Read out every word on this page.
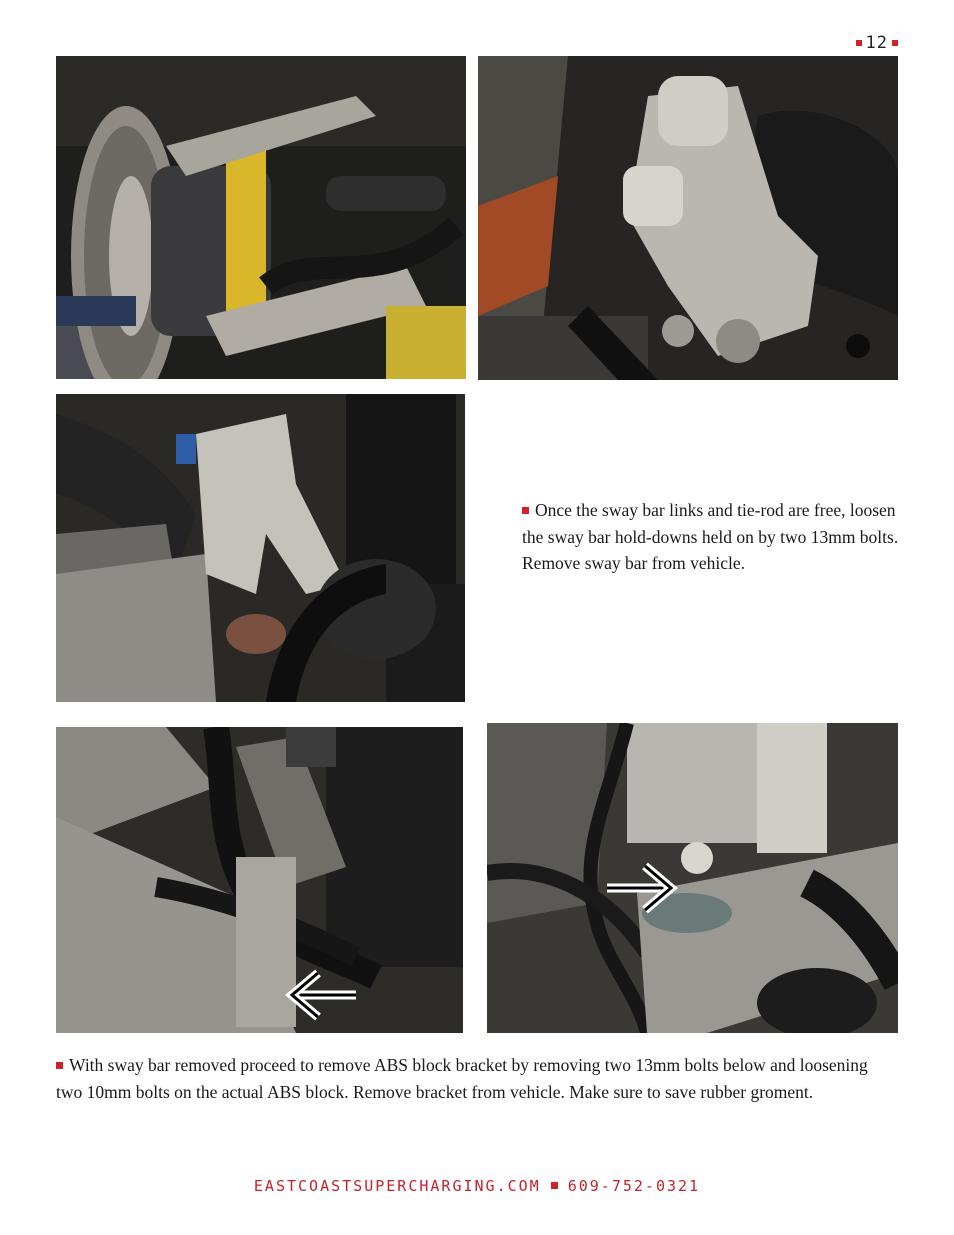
12
Once the sway bar links and tie-rod are free, loosen the sway bar hold-downs held on by two 13mm bolts. Remove sway bar from vehicle.
With sway bar removed proceed to remove ABS block bracket by removing two 13mm bolts below and loosening two 10mm bolts on the actual ABS block. Remove bracket from vehicle. Make sure to save rubber groment.
EASTCOASTSUPERCHARGING.COM 609-752-0321
